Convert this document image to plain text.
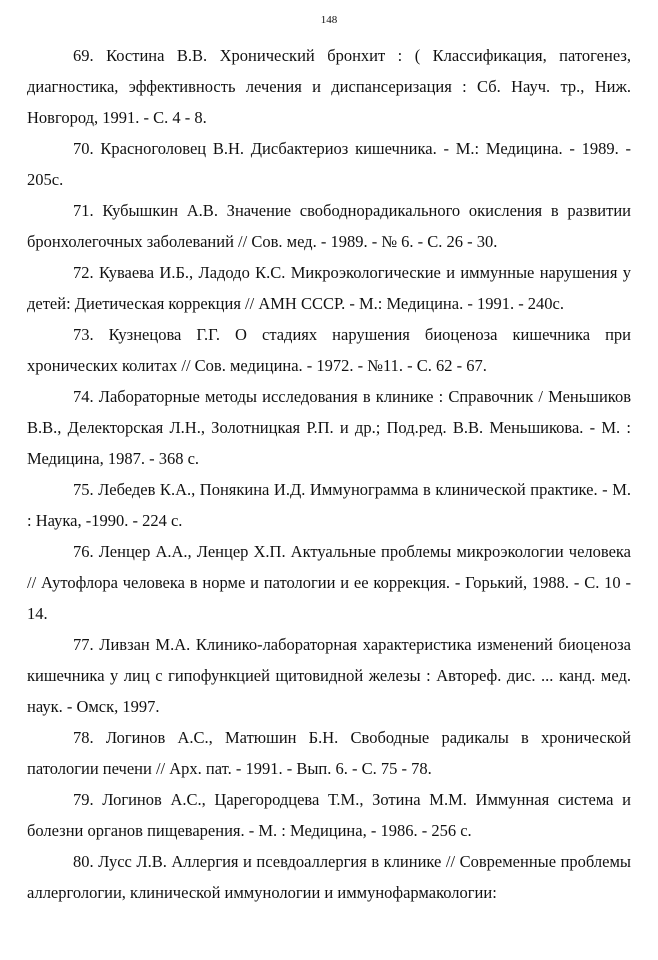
148

69. Костина В.В. Хронический бронхит : ( Классификация, патогенез, диагностика, эффективность лечения и диспансеризация : Сб. Науч. тр., Ниж. Новгород, 1991. - С. 4 - 8.

70. Красноголовец В.Н. Дисбактериоз кишечника. - М.: Медицина. - 1989. - 205с.

71. Кубышкин А.В. Значение свободнорадикального окисления в развитии бронхолегочных заболеваний // Сов. мед. - 1989. - № 6. - С. 26 - 30.

72. Куваева И.Б., Ладодо К.С. Микроэкологические и иммунные нарушения у детей: Диетическая коррекция // АМН СССР. - М.: Медицина. - 1991. - 240с.

73. Кузнецова Г.Г. О стадиях нарушения биоценоза кишечника при хронических колитах // Сов. медицина. - 1972. - №11. - С. 62 - 67.

74. Лабораторные методы исследования в клинике : Справочник / Меньшиков В.В., Делекторская Л.Н., Золотницкая Р.П. и др.; Под.ред. В.В. Меньшикова. - М. : Медицина, 1987. - 368 с.

75. Лебедев К.А., Понякина И.Д. Иммунограмма в клинической практике. - М. : Наука, -1990. - 224 с.

76. Ленцер А.А., Ленцер Х.П. Актуальные проблемы микроэкологии человека // Аутофлора человека в норме и патологии и ее коррекция. - Горький, 1988. - С. 10 - 14.

77. Ливзан М.А. Клинико-лабораторная характеристика изменений биоценоза кишечника у лиц с гипофункцией щитовидной железы : Автореф. дис. ... канд. мед. наук. - Омск, 1997.

78. Логинов А.С., Матюшин Б.Н. Свободные радикалы в хронической патологии печени // Арх. пат. - 1991. - Вып. 6. - С. 75 - 78.

79. Логинов А.С., Царегородцева Т.М., Зотина М.М. Иммунная система и болезни органов пищеварения. - М. : Медицина, - 1986. - 256 с.

80. Лусс Л.В. Аллергия и псевдоаллергия в клинике // Современные проблемы аллергологии, клинической иммунологии и иммунофармакологии:
